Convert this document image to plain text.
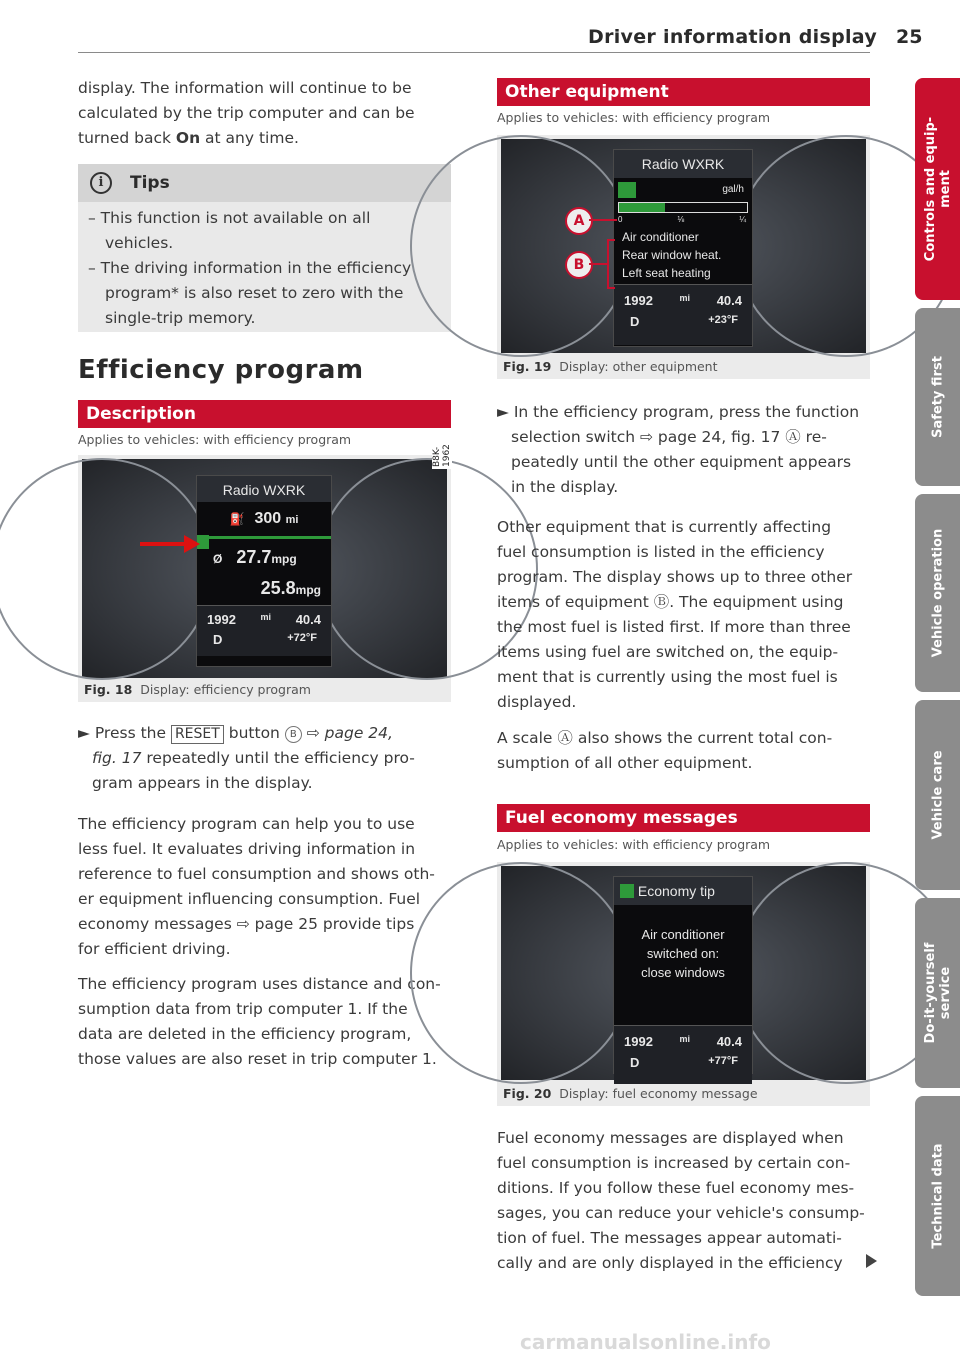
Driver information display 25
display. The information will continue to be
calculated by the trip computer and can be
turned back On at any time.
i	Tips
– This function is not available on all
vehicles.
– The driving information in the efficiency
program* is also reset to zero with the
single-trip memory.
Efficiency program
Description
Applies to vehicles: with efficiency program
B8K-1962
Radio WXRK
⛽ 300 mi
Ø 27.7mpg
25.8mpg
1992	mi 40.4
D	+72°F
Fig. 18 Display: efficiency program
► Press the RESET button B ⇨ page 24,
fig. 17 repeatedly until the efficiency pro-
gram appears in the display.
The efficiency program can help you to use
less fuel. It evaluates driving information in
reference to fuel consumption and shows oth-
er equipment influencing consumption. Fuel
economy messages ⇨ page 25 provide tips
for efficient driving.
The efficiency program uses distance and con-
sumption data from trip computer 1. If the
data are deleted in the efficiency program,
those values are also reset in trip computer 1.
Other equipment
Applies to vehicles: with efficiency program
Radio WXRK
gal/h
0	⅛	¼
Air conditioner
Rear window heat.
Left seat heating
1992	mi 40.4
D	+23°F
A
B
Fig. 19 Display: other equipment
► In the efficiency program, press the function
selection switch ⇨ page 24, fig. 17 Ⓐ re-
peatedly until the other equipment appears
in the display.
Other equipment that is currently affecting
fuel consumption is listed in the efficiency
program. The display shows up to three other
items of equipment Ⓑ. The equipment using
the most fuel is listed first. If more than three
items using fuel are switched on, the equip-
ment that is currently using the most fuel is
displayed.
A scale Ⓐ also shows the current total con-
sumption of all other equipment.
Fuel economy messages
Applies to vehicles: with efficiency program
Economy tip
Air conditioner
switched on:
close windows
1992	mi 40.4
D	+77°F
Fig. 20 Display: fuel economy message
Fuel economy messages are displayed when
fuel consumption is increased by certain con-
ditions. If you follow these fuel economy mes-
sages, you can reduce your vehicle's consump-
tion of fuel. The messages appear automati-
cally and are only displayed in the efficiency
Controls and equip- ment
Safety first
Vehicle operation
Vehicle care
Do-it-yourself service
Technical data
carmanualsonline.info
